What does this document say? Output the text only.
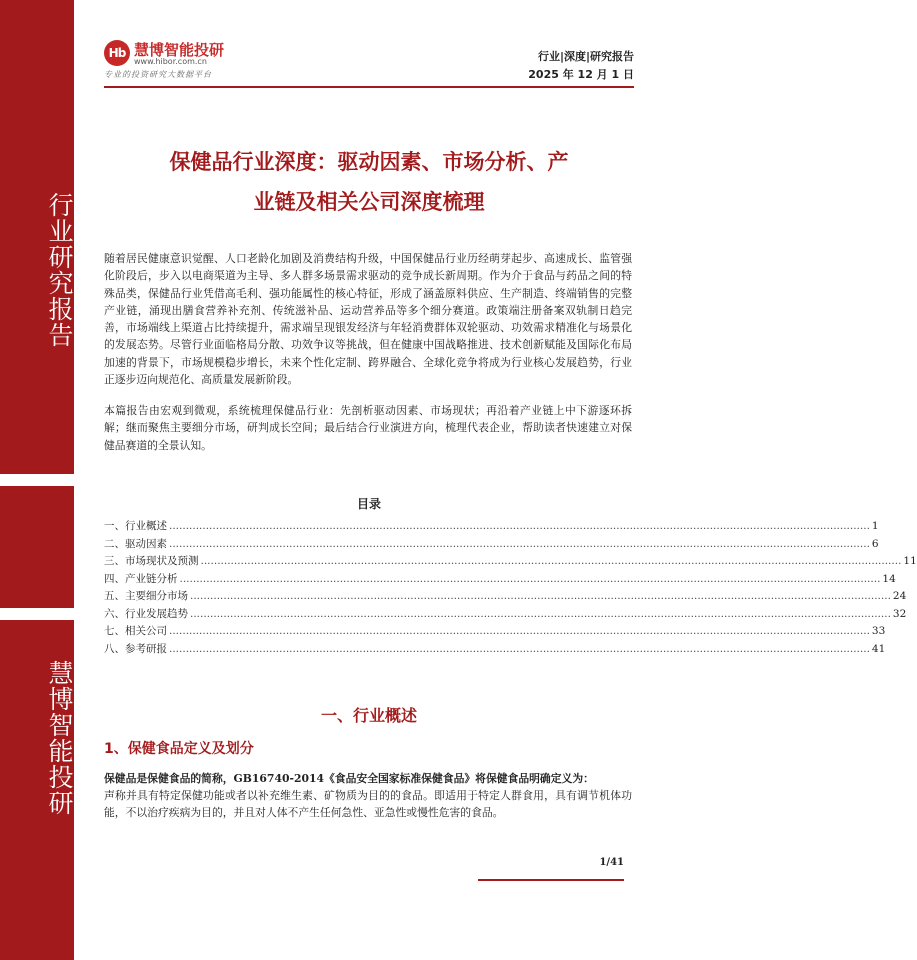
行业研究报告
慧博智能投研
Hb 慧博智能投研
www.hibor.com.cn
专业的投资研究大数据平台
行业|深度|研究报告
2025 年 12 月 1 日
保健品行业深度：驱动因素、市场分析、产
业链及相关公司深度梳理
随着居民健康意识觉醒、人口老龄化加剧及消费结构升级，中国保健品行业历经萌芽起步、高速成长、监管强化阶段后，步入以电商渠道为主导、多人群多场景需求驱动的竞争成长新周期。作为介于食品与药品之间的特殊品类，保健品行业凭借高毛利、强功能属性的核心特征，形成了涵盖原料供应、生产制造、终端销售的完整产业链，涌现出膳食营养补充剂、传统滋补品、运动营养品等多个细分赛道。政策端注册备案双轨制日趋完善，市场端线上渠道占比持续提升，需求端呈现银发经济与年轻消费群体双轮驱动、功效需求精准化与场景化的发展态势。尽管行业面临格局分散、功效争议等挑战，但在健康中国战略推进、技术创新赋能及国际化布局加速的背景下，市场规模稳步增长，未来个性化定制、跨界融合、全球化竞争将成为行业核心发展趋势，行业正逐步迈向规范化、高质量发展新阶段。
本篇报告由宏观到微观，系统梳理保健品行业：先剖析驱动因素、市场现状；再沿着产业链上中下游逐环拆解；继而聚焦主要细分市场，研判成长空间；最后结合行业演进方向，梳理代表企业，帮助读者快速建立对保健品赛道的全景认知。
目录
一、行业概述 .................................................................................................................................................................................................................. 1
二、驱动因素 .................................................................................................................................................................................................................. 6
三、市场现状及预测 .................................................................................................................................................................................................................. 11
四、产业链分析 .................................................................................................................................................................................................................. 14
五、主要细分市场 .................................................................................................................................................................................................................. 24
六、行业发展趋势 .................................................................................................................................................................................................................. 32
七、相关公司 .................................................................................................................................................................................................................. 33
八、参考研报 .................................................................................................................................................................................................................. 41
一、行业概述
1、保健食品定义及划分
保健品是保健食品的简称，GB16740-2014《食品安全国家标准保健食品》将保健食品明确定义为：
声称并具有特定保健功能或者以补充维生素、矿物质为目的的食品。即适用于特定人群食用，具有调节机体功能，不以治疗疾病为目的，并且对人体不产生任何急性、亚急性或慢性危害的食品。
1/41
